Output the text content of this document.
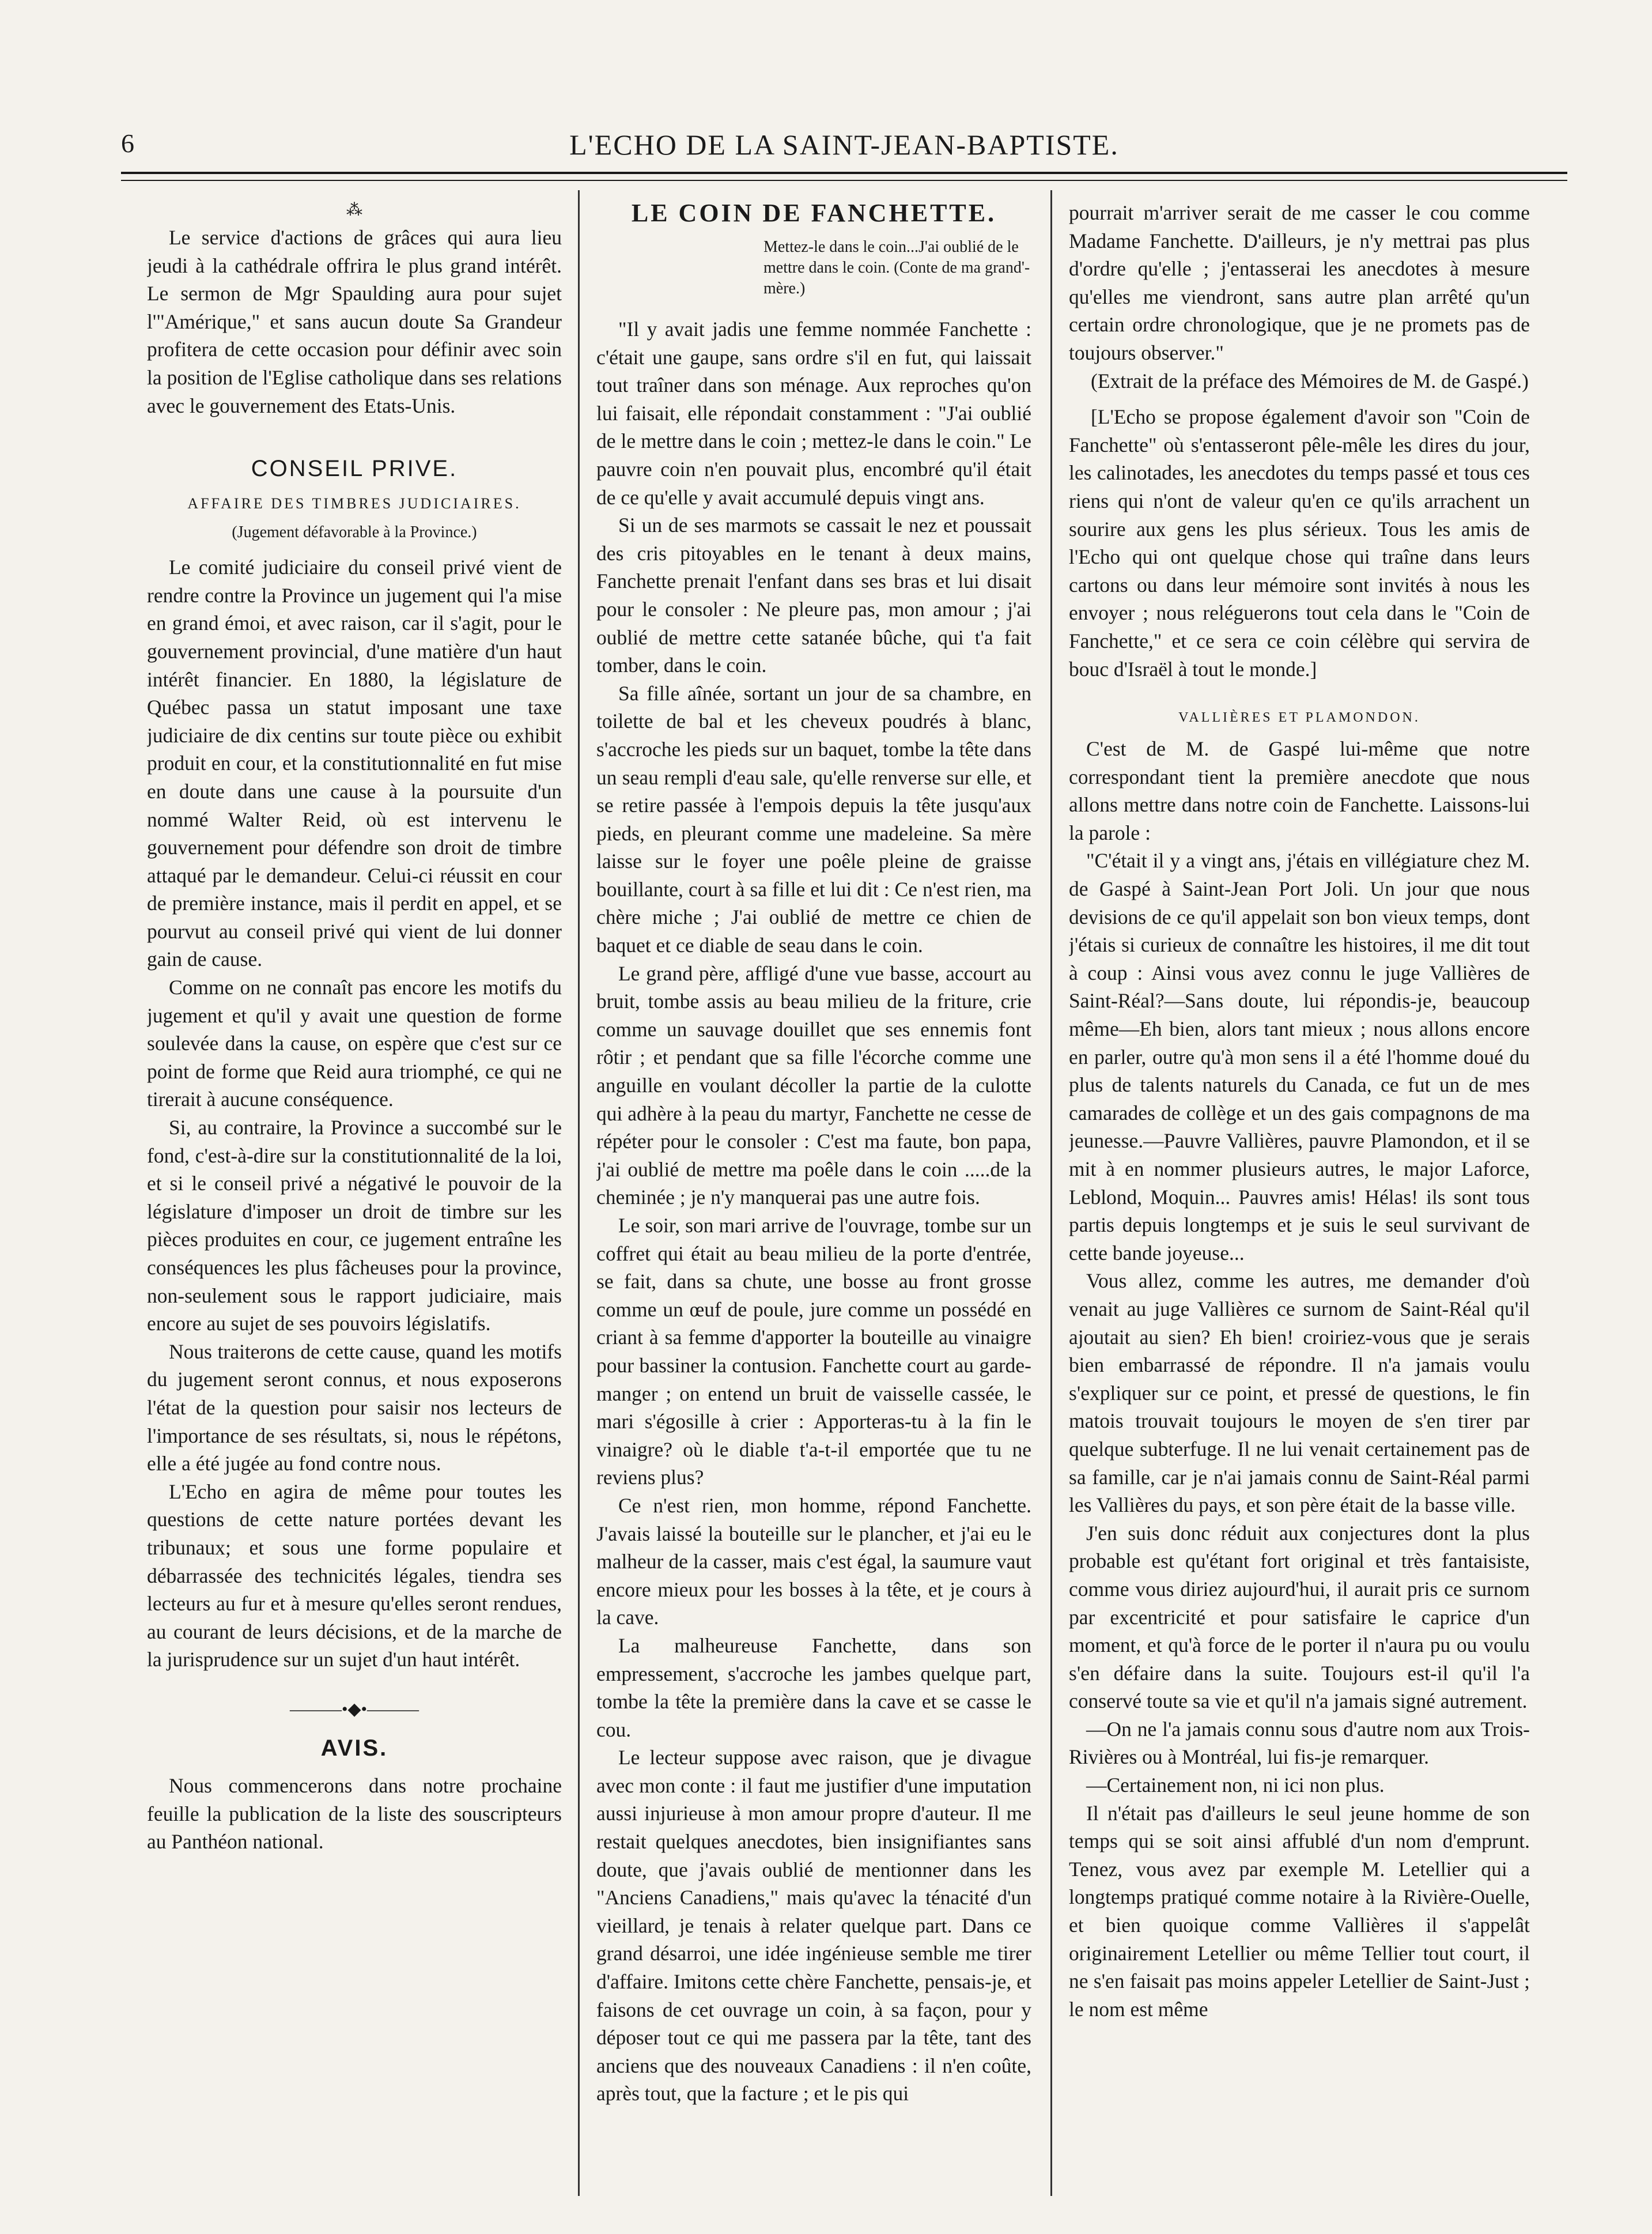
6	L'ECHO DE LA SAINT-JEAN-BAPTISTE.
⁂

Le service d'actions de grâces qui aura lieu jeudi à la cathédrale offrira le plus grand intérêt. Le sermon de Mgr Spaulding aura pour sujet l'"Amérique," et sans aucun doute Sa Grandeur profitera de cette occasion pour définir avec soin la position de l'Eglise catholique dans ses relations avec le gouvernement des Etats-Unis.

CONSEIL PRIVE.
AFFAIRE DES TIMBRES JUDICIAIRES.
(Jugement défavorable à la Province.)

Le comité judiciaire du conseil privé vient de rendre contre la Province un jugement qui l'a mise en grand émoi, et avec raison, car il s'agit, pour le gouvernement provincial, d'une matière d'un haut intérêt financier. En 1880, la législature de Québec passa un statut imposant une taxe judiciaire de dix centins sur toute pièce ou exhibit produit en cour, et la constitutionnalité en fut mise en doute dans une cause à la poursuite d'un nommé Walter Reid, où est intervenu le gouvernement pour défendre son droit de timbre attaqué par le demandeur. Celui-ci réussit en cour de première instance, mais il perdit en appel, et se pourvut au conseil privé qui vient de lui donner gain de cause.

Comme on ne connaît pas encore les motifs du jugement et qu'il y avait une question de forme soulevée dans la cause, on espère que c'est sur ce point de forme que Reid aura triomphé, ce qui ne tirerait à aucune conséquence.

Si, au contraire, la Province a succombé sur le fond, c'est-à-dire sur la constitutionnalité de la loi, et si le conseil privé a négativé le pouvoir de la législature d'imposer un droit de timbre sur les pièces produites en cour, ce jugement entraîne les conséquences les plus fâcheuses pour la province, non-seulement sous le rapport judiciaire, mais encore au sujet de ses pouvoirs législatifs.

Nous traiterons de cette cause, quand les motifs du jugement seront connus, et nous exposerons l'état de la question pour saisir nos lecteurs de l'importance de ses résultats, si, nous le répétons, elle a été jugée au fond contre nous.

L'Echo en agira de même pour toutes les questions de cette nature portées devant les tribunaux; et sous une forme populaire et débarrassée des technicités légales, tiendra ses lecteurs au fur et à mesure qu'elles seront rendues, au courant de leurs décisions, et de la marche de la jurisprudence sur un sujet d'un haut intérêt.

———•◆•———
AVIS.

Nous commencerons dans notre prochaine feuille la publication de la liste des souscripteurs au Panthéon national.

LE COIN DE FANCHETTE.
Mettez-le dans le coin...J'ai oublié de le mettre dans le coin. (Conte de ma grand'-mère.)

"Il y avait jadis une femme nommée Fanchette : c'était une gaupe, sans ordre s'il en fut, qui laissait tout traîner dans son ménage. Aux reproches qu'on lui faisait, elle répondait constamment : "J'ai oublié de le mettre dans le coin ; mettez-le dans le coin." Le pauvre coin n'en pouvait plus, encombré qu'il était de ce qu'elle y avait accumulé depuis vingt ans.

Si un de ses marmots se cassait le nez et poussait des cris pitoyables en le tenant à deux mains, Fanchette prenait l'enfant dans ses bras et lui disait pour le consoler : Ne pleure pas, mon amour ; j'ai oublié de mettre cette satanée bûche, qui t'a fait tomber, dans le coin.

Sa fille aînée, sortant un jour de sa chambre, en toilette de bal et les cheveux poudrés à blanc, s'accroche les pieds sur un baquet, tombe la tête dans un seau rempli d'eau sale, qu'elle renverse sur elle, et se retire passée à l'empois depuis la tête jusqu'aux pieds, en pleurant comme une madeleine. Sa mère laisse sur le foyer une poêle pleine de graisse bouillante, court à sa fille et lui dit : Ce n'est rien, ma chère miche ; J'ai oublié de mettre ce chien de baquet et ce diable de seau dans le coin.

Le grand père, affligé d'une vue basse, accourt au bruit, tombe assis au beau milieu de la friture, crie comme un sauvage douillet que ses ennemis font rôtir ; et pendant que sa fille l'écorche comme une anguille en voulant décoller la partie de la culotte qui adhère à la peau du martyr, Fanchette ne cesse de répéter pour le consoler : C'est ma faute, bon papa, j'ai oublié de mettre ma poêle dans le coin .....de la cheminée ; je n'y manquerai pas une autre fois.

Le soir, son mari arrive de l'ouvrage, tombe sur un coffret qui était au beau milieu de la porte d'entrée, se fait, dans sa chute, une bosse au front grosse comme un œuf de poule, jure comme un possédé en criant à sa femme d'apporter la bouteille au vinaigre pour bassiner la contusion. Fanchette court au garde-manger ; on entend un bruit de vaisselle cassée, le mari s'égosille à crier : Apporteras-tu à la fin le vinaigre? où le diable t'a-t-il emportée que tu ne reviens plus?

Ce n'est rien, mon homme, répond Fanchette. J'avais laissé la bouteille sur le plancher, et j'ai eu le malheur de la casser, mais c'est égal, la saumure vaut encore mieux pour les bosses à la tête, et je cours à la cave.

La malheureuse Fanchette, dans son empressement, s'accroche les jambes quelque part, tombe la tête la première dans la cave et se casse le cou.

Le lecteur suppose avec raison, que je divague avec mon conte : il faut me justifier d'une imputation aussi injurieuse à mon amour propre d'auteur. Il me restait quelques anecdotes, bien insignifiantes sans doute, que j'avais oublié de mentionner dans les "Anciens Canadiens," mais qu'avec la ténacité d'un vieillard, je tenais à relater quelque part. Dans ce grand désarroi, une idée ingénieuse semble me tirer d'affaire. Imitons cette chère Fanchette, pensais-je, et faisons de cet ouvrage un coin, à sa façon, pour y déposer tout ce qui me passera par la tête, tant des anciens que des nouveaux Canadiens : il n'en coûte, après tout, que la facture ; et le pis qui

pourrait m'arriver serait de me casser le cou comme Madame Fanchette. D'ailleurs, je n'y mettrai pas plus d'ordre qu'elle ; j'entasserai les anecdotes à mesure qu'elles me viendront, sans autre plan arrêté qu'un certain ordre chronologique, que je ne promets pas de toujours observer."

(Extrait de la préface des Mémoires de M. de Gaspé.)

[L'Echo se propose également d'avoir son "Coin de Fanchette" où s'entasseront pêle-mêle les dires du jour, les calinotades, les anecdotes du temps passé et tous ces riens qui n'ont de valeur qu'en ce qu'ils arrachent un sourire aux gens les plus sérieux. Tous les amis de l'Echo qui ont quelque chose qui traîne dans leurs cartons ou dans leur mémoire sont invités à nous les envoyer ; nous reléguerons tout cela dans le "Coin de Fanchette," et ce sera ce coin célèbre qui servira de bouc d'Israël à tout le monde.]

VALLIÈRES ET PLAMONDON.

C'est de M. de Gaspé lui-même que notre correspondant tient la première anecdote que nous allons mettre dans notre coin de Fanchette. Laissons-lui la parole :

"C'était il y a vingt ans, j'étais en villégiature chez M. de Gaspé à Saint-Jean Port Joli. Un jour que nous devisions de ce qu'il appelait son bon vieux temps, dont j'étais si curieux de connaître les histoires, il me dit tout à coup : Ainsi vous avez connu le juge Vallières de Saint-Réal?—Sans doute, lui répondis-je, beaucoup même—Eh bien, alors tant mieux ; nous allons encore en parler, outre qu'à mon sens il a été l'homme doué du plus de talents naturels du Canada, ce fut un de mes camarades de collège et un des gais compagnons de ma jeunesse.—Pauvre Vallières, pauvre Plamondon, et il se mit à en nommer plusieurs autres, le major Laforce, Leblond, Moquin... Pauvres amis! Hélas! ils sont tous partis depuis longtemps et je suis le seul survivant de cette bande joyeuse...

Vous allez, comme les autres, me demander d'où venait au juge Vallières ce surnom de Saint-Réal qu'il ajoutait au sien? Eh bien! croiriez-vous que je serais bien embarrassé de répondre. Il n'a jamais voulu s'expliquer sur ce point, et pressé de questions, le fin matois trouvait toujours le moyen de s'en tirer par quelque subterfuge. Il ne lui venait certainement pas de sa famille, car je n'ai jamais connu de Saint-Réal parmi les Vallières du pays, et son père était de la basse ville.

J'en suis donc réduit aux conjectures dont la plus probable est qu'étant fort original et très fantaisiste, comme vous diriez aujourd'hui, il aurait pris ce surnom par excentricité et pour satisfaire le caprice d'un moment, et qu'à force de le porter il n'aura pu ou voulu s'en défaire dans la suite. Toujours est-il qu'il l'a conservé toute sa vie et qu'il n'a jamais signé autrement.

—On ne l'a jamais connu sous d'autre nom aux Trois-Rivières ou à Montréal, lui fis-je remarquer.

—Certainement non, ni ici non plus.

Il n'était pas d'ailleurs le seul jeune homme de son temps qui se soit ainsi affublé d'un nom d'emprunt. Tenez, vous avez par exemple M. Letellier qui a longtemps pratiqué comme notaire à la Rivière-Ouelle, et bien quoique comme Vallières il s'appelât originairement Letellier ou même Tellier tout court, il ne s'en faisait pas moins appeler Letellier de Saint-Just ; le nom est même
